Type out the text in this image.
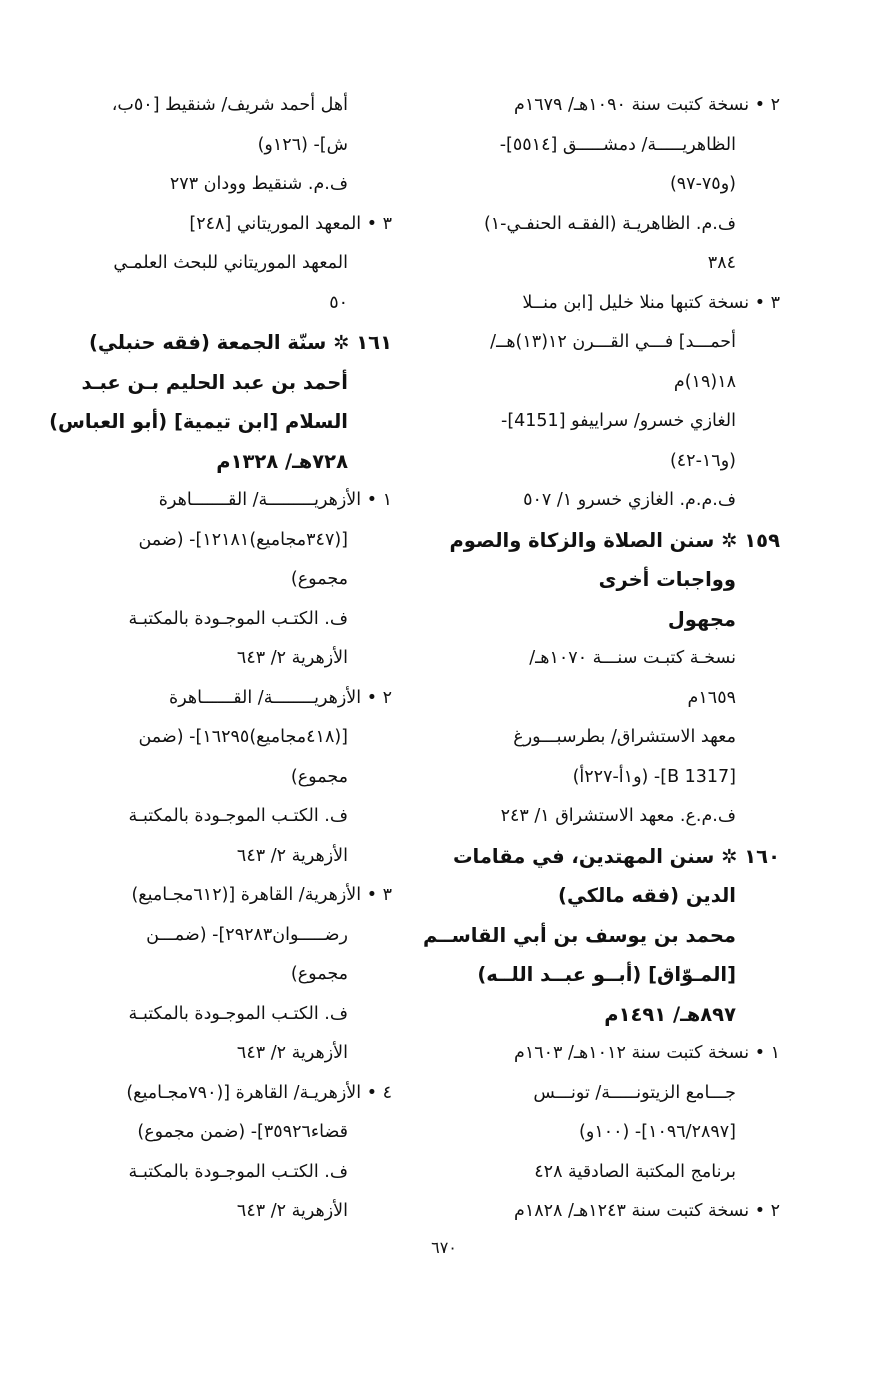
٢ • نسخة كتبت سنة ١٠٩٠هـ/ ١٦٧٩م
الظاهريـــــة/ دمشـــــق [٥٥١٤]-
(و٧٥-٩٧)
ف.م. الظاهريـة (الفقـه الحنفـي-١)
٣٨٤
٣ • نسخة كتبها منلا خليل [ابن منــلا
أحمـــد] فـــي القـــرن ١٢(١٣)هــ/
١٨(١٩)م
الغازي خسرو/ سراييفو [4151]-
(و١٦-٤٢)
ف.م.م. الغازي خسرو ١/ ٥٠٧
١٥٩ ✲ سنن الصلاة والزكاة والصوم
وواجبات أخرى
مجهول
نسخـة كتبـت سنـــة ١٠٧٠هـ/
١٦٥٩م
معهد الاستشراق/ بطرسبـــورغ
[B 1317]- (و١أ-٢٢٧أ)
ف.م.ع. معهد الاستشراق ١/ ٢٤٣
١٦٠ ✲ سنن المهتدين، في مقامات
الدين (فقه مالكي)
محمد بن يوسف بن أبي القاســم
[المـوّاق] (أبــو عبــد اللــه)
٨٩٧هـ/ ١٤٩١م
١ • نسخة كتبت سنة ١٠١٢هـ/ ١٦٠٣م
جـــامع الزيتونـــــة/ تونـــس
[١٠٩٦/٢٨٩٧]- (١٠٠و)
برنامج المكتبة الصادقية ٤٢٨
٢ • نسخة كتبت سنة ١٢٤٣هـ/ ١٨٢٨م
أهل أحمد شريف/ شنقيط [٥٠ب،
ش]- (١٢٦و)
ف.م. شنقيط وودان ٢٧٣
٣ • المعهد الموريتاني [٢٤٨]
المعهد الموريتاني للبحث العلمـي
٥٠
١٦١ ✲ سنّة الجمعة (فقه حنبلي)
أحمد بن عبد الحليم بـن عبـد
السلام [ابن تيمية] (أبو العباس)
٧٢٨هـ/ ١٣٢٨م
١ • الأزهريـــــــــة/ القـــــــاهرة
[(٣٤٧مجاميع)١٢١٨١]- (ضمن
مجموع)
ف. الكتـب الموجـودة بالمكتبـة
الأزهرية ٢/ ٦٤٣
٢ • الأزهريــــــــة/ القــــــاهرة
[(٤١٨مجاميع)١٦٢٩٥]- (ضمن
مجموع)
ف. الكتـب الموجـودة بالمكتبـة
الأزهرية ٢/ ٦٤٣
٣ • الأزهرية/ القاهرة [(٦١٢مجـاميع)
رضـــــوان٢٩٢٨٣]- (ضمـــن
مجموع)
ف. الكتـب الموجـودة بالمكتبـة
الأزهرية ٢/ ٦٤٣
٤ • الأزهريـة/ القاهرة [(٧٩٠مجـاميع)
قضاء٣٥٩٢٦]- (ضمن مجموع)
ف. الكتـب الموجـودة بالمكتبـة
الأزهرية ٢/ ٦٤٣
٦٧٠
